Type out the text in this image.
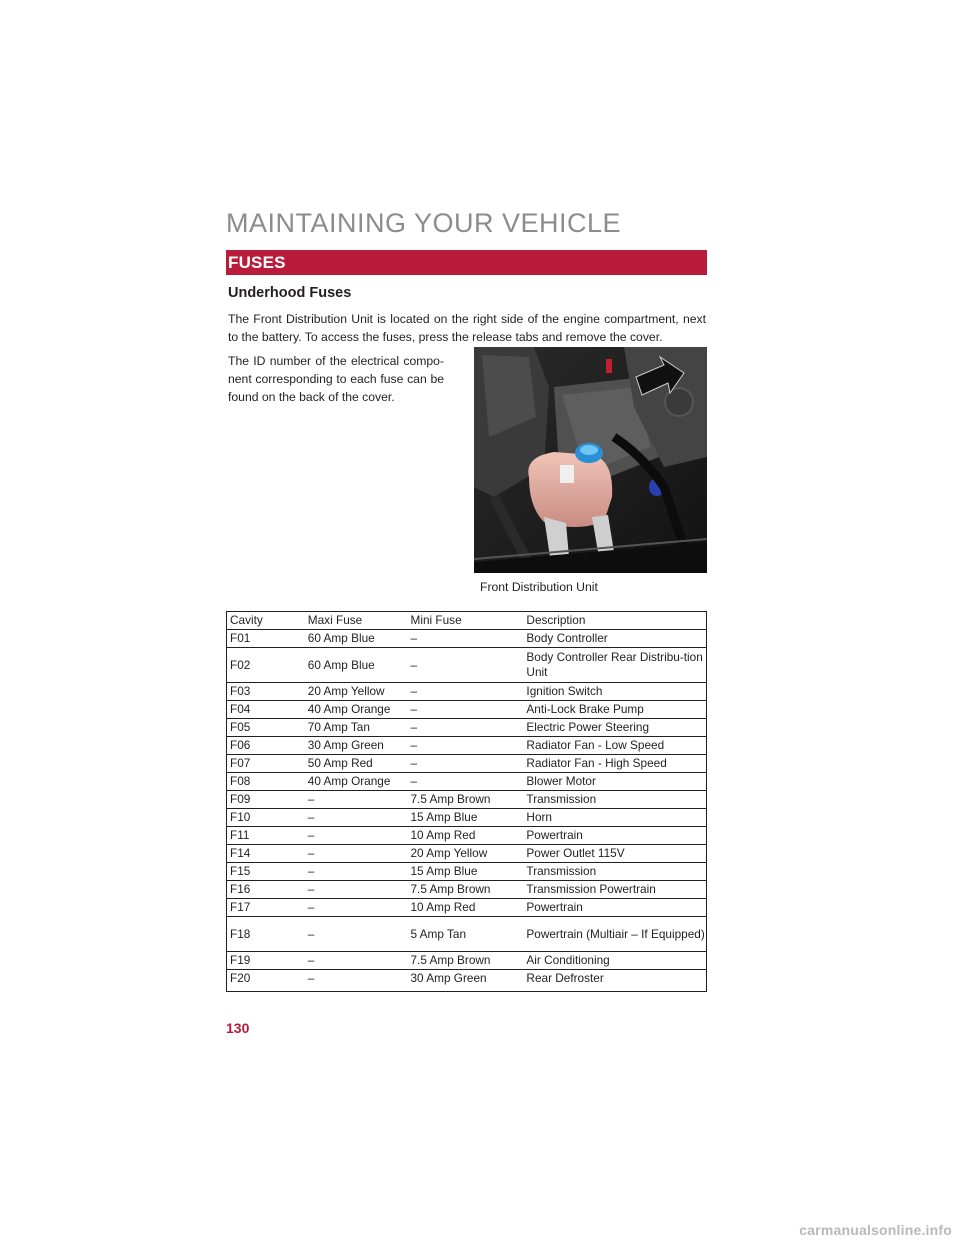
MAINTAINING YOUR VEHICLE
FUSES
Underhood Fuses

The Front Distribution Unit is located on the right side of the engine compartment, next to the battery. To access the fuses, press the release tabs and remove the cover.

The ID number of the electrical compo-nent corresponding to each fuse can be found on the back of the cover.

Front Distribution Unit
Cavity	Maxi Fuse	Mini Fuse	Description
F01	60 Amp Blue	–	Body Controller
F02	60 Amp Blue	–	Body Controller Rear Distribu-tion Unit
F03	20 Amp Yellow	–	Ignition Switch
F04	40 Amp Orange	–	Anti-Lock Brake Pump
F05	70 Amp Tan	–	Electric Power Steering
F06	30 Amp Green	–	Radiator Fan - Low Speed
F07	50 Amp Red	–	Radiator Fan - High Speed
F08	40 Amp Orange	–	Blower Motor
F09	–	7.5 Amp Brown	Transmission
F10	–	15 Amp Blue	Horn
F11	–	10 Amp Red	Powertrain
F14	–	20 Amp Yellow	Power Outlet 115V
F15	–	15 Amp Blue	Transmission
F16	–	7.5 Amp Brown	Transmission Powertrain
F17	–	10 Amp Red	Powertrain
F18	–	5 Amp Tan	Powertrain (Multiair – If Equipped)
F19	–	7.5 Amp Brown	Air Conditioning
F20	–	30 Amp Green	Rear Defroster
130
carmanualsonline.info
